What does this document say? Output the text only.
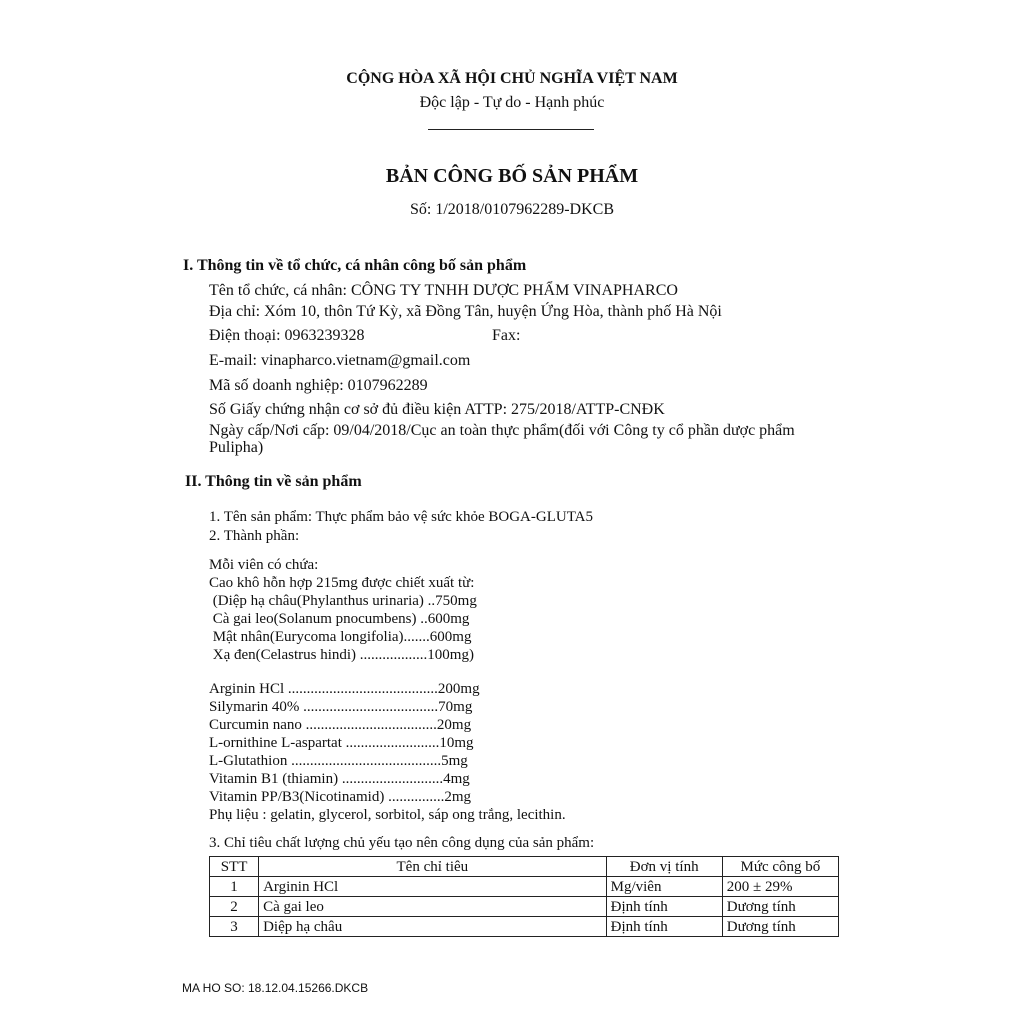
CỘNG HÒA XÃ HỘI CHỦ NGHĨA VIỆT NAM
Độc lập - Tự do - Hạnh phúc
BẢN CÔNG BỐ SẢN PHẨM
Số: 1/2018/0107962289-DKCB
I. Thông tin về tổ chức, cá nhân công bố sản phẩm
Tên tổ chức, cá nhân: CÔNG TY TNHH DƯỢC PHẨM VINAPHARCO
Địa chỉ: Xóm 10, thôn Tứ Kỳ, xã Đồng Tân, huyện Ứng Hòa, thành phố Hà Nội
Điện thoại: 0963239328	Fax:
E-mail: vinapharco.vietnam@gmail.com
Mã số doanh nghiệp: 0107962289
Số Giấy chứng nhận cơ sở đủ điều kiện ATTP: 275/2018/ATTP-CNĐK
Ngày cấp/Nơi cấp: 09/04/2018/Cục an toàn thực phẩm(đối với Công ty cổ phần dược phẩm
Pulipha)
II. Thông tin về sản phẩm
1. Tên sản phẩm: Thực phẩm bảo vệ sức khỏe BOGA-GLUTA5
2. Thành phần:
Mỗi viên có chứa:
Cao khô hỗn hợp 215mg được chiết xuất từ:
(Diệp hạ châu(Phylanthus urinaria) ..750mg
Cà gai leo(Solanum pnocumbens) ..600mg
Mật nhân(Eurycoma longifolia).......600mg
Xạ đen(Celastrus hindi) ..................100mg)
Arginin HCl ........................................200mg
Silymarin 40% ....................................70mg
Curcumin nano ...................................20mg
L-ornithine L-aspartat .........................10mg
L-Glutathion ........................................5mg
Vitamin B1 (thiamin) ...........................4mg
Vitamin PP/B3(Nicotinamid) ...............2mg
Phụ liệu : gelatin, glycerol, sorbitol, sáp ong trắng, lecithin.
3. Chỉ tiêu chất lượng chủ yếu tạo nên công dụng của sản phẩm:
STT	Tên chỉ tiêu	Đơn vị tính	Mức công bố
1	Arginin HCl	Mg/viên	200 ± 29%
2	Cà gai leo	Định tính	Dương tính
3	Diệp hạ châu	Định tính	Dương tính
MA HO SO: 18.12.04.15266.DKCB
